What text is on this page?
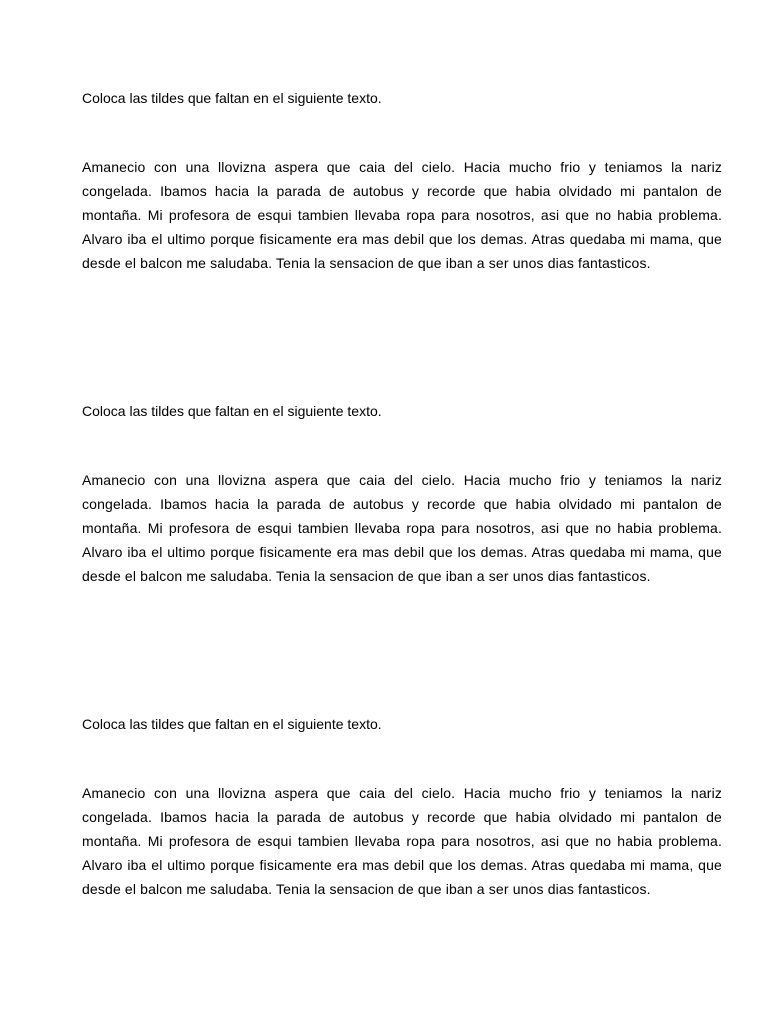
Coloca las tildes que faltan en el siguiente texto.

Amanecio con una llovizna aspera que caia del cielo. Hacia mucho frio y teniamos la nariz congelada. Ibamos hacia la parada de autobus y recorde que habia olvidado mi pantalon de montaña. Mi profesora de esqui tambien llevaba ropa para nosotros, asi que no habia problema. Alvaro iba el ultimo porque fisicamente era mas debil que los demas. Atras quedaba mi mama, que desde el balcon me saludaba. Tenia la sensacion de que iban a ser unos dias fantasticos.

Coloca las tildes que faltan en el siguiente texto.

Amanecio con una llovizna aspera que caia del cielo. Hacia mucho frio y teniamos la nariz congelada. Ibamos hacia la parada de autobus y recorde que habia olvidado mi pantalon de montaña. Mi profesora de esqui tambien llevaba ropa para nosotros, asi que no habia problema. Alvaro iba el ultimo porque fisicamente era mas debil que los demas. Atras quedaba mi mama, que desde el balcon me saludaba. Tenia la sensacion de que iban a ser unos dias fantasticos.

Coloca las tildes que faltan en el siguiente texto.

Amanecio con una llovizna aspera que caia del cielo. Hacia mucho frio y teniamos la nariz congelada. Ibamos hacia la parada de autobus y recorde que habia olvidado mi pantalon de montaña. Mi profesora de esqui tambien llevaba ropa para nosotros, asi que no habia problema. Alvaro iba el ultimo porque fisicamente era mas debil que los demas. Atras quedaba mi mama, que desde el balcon me saludaba. Tenia la sensacion de que iban a ser unos dias fantasticos.
